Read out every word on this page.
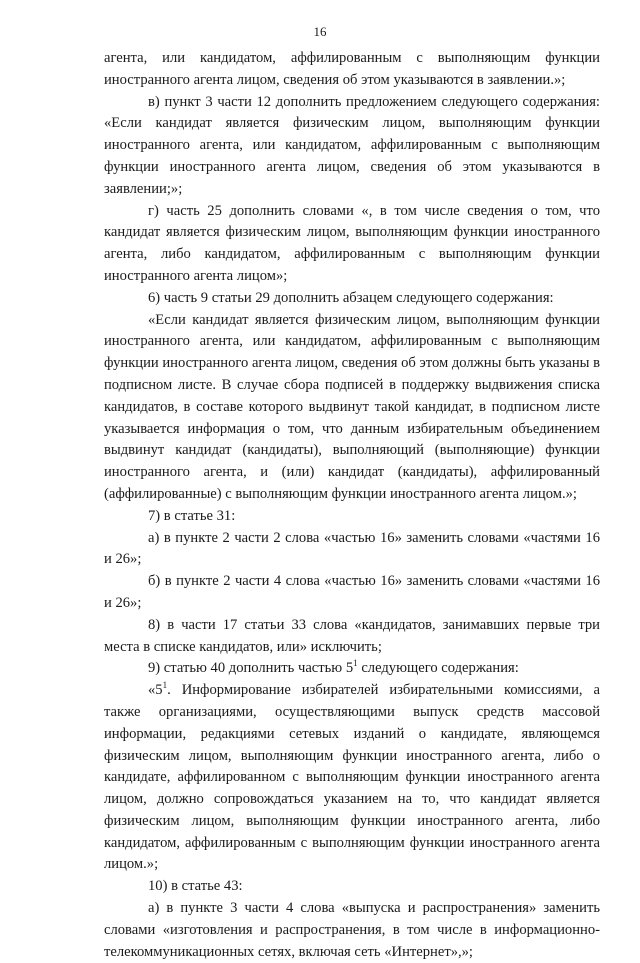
16

агента, или кандидатом, аффилированным с выполняющим функции иностранного агента лицом, сведения об этом указываются в заявлении.»;

в) пункт 3 части 12 дополнить предложением следующего содержания: «Если кандидат является физическим лицом, выполняющим функции иностранного агента, или кандидатом, аффилированным с выполняющим функции иностранного агента лицом, сведения об этом указываются в заявлении;»;

г) часть 25 дополнить словами «, в том числе сведения о том, что кандидат является физическим лицом, выполняющим функции иностранного агента, либо кандидатом, аффилированным с выполняющим функции иностранного агента лицом»;

6) часть 9 статьи 29 дополнить абзацем следующего содержания:

«Если кандидат является физическим лицом, выполняющим функции иностранного агента, или кандидатом, аффилированным с выполняющим функции иностранного агента лицом, сведения об этом должны быть указаны в подписном листе. В случае сбора подписей в поддержку выдвижения списка кандидатов, в составе которого выдвинут такой кандидат, в подписном листе указывается информация о том, что данным избирательным объединением выдвинут кандидат (кандидаты), выполняющий (выполняющие) функции иностранного агента, и (или) кандидат (кандидаты), аффилированный (аффилированные) с выполняющим функции иностранного агента лицом.»;

7) в статье 31:

а) в пункте 2 части 2 слова «частью 16» заменить словами «частями 16 и 26»;

б) в пункте 2 части 4 слова «частью 16» заменить словами «частями 16 и 26»;

8) в части 17 статьи 33 слова «кандидатов, занимавших первые три места в списке кандидатов, или» исключить;

9) статью 40 дополнить частью $5^1$ следующего содержания:

«$5^1$. Информирование избирателей избирательными комиссиями, а также организациями, осуществляющими выпуск средств массовой информации, редакциями сетевых изданий о кандидате, являющемся физическим лицом, выполняющим функции иностранного агента, либо о кандидате, аффилированном с выполняющим функции иностранного агента лицом, должно сопровождаться указанием на то, что кандидат является физическим лицом, выполняющим функции иностранного агента, либо кандидатом, аффилированным с выполняющим функции иностранного агента лицом.»;

10) в статье 43:

а) в пункте 3 части 4 слова «выпуска и распространения» заменить словами «изготовления и распространения, в том числе в информационно-телекоммуникационных сетях, включая сеть «Интернет»,»;
